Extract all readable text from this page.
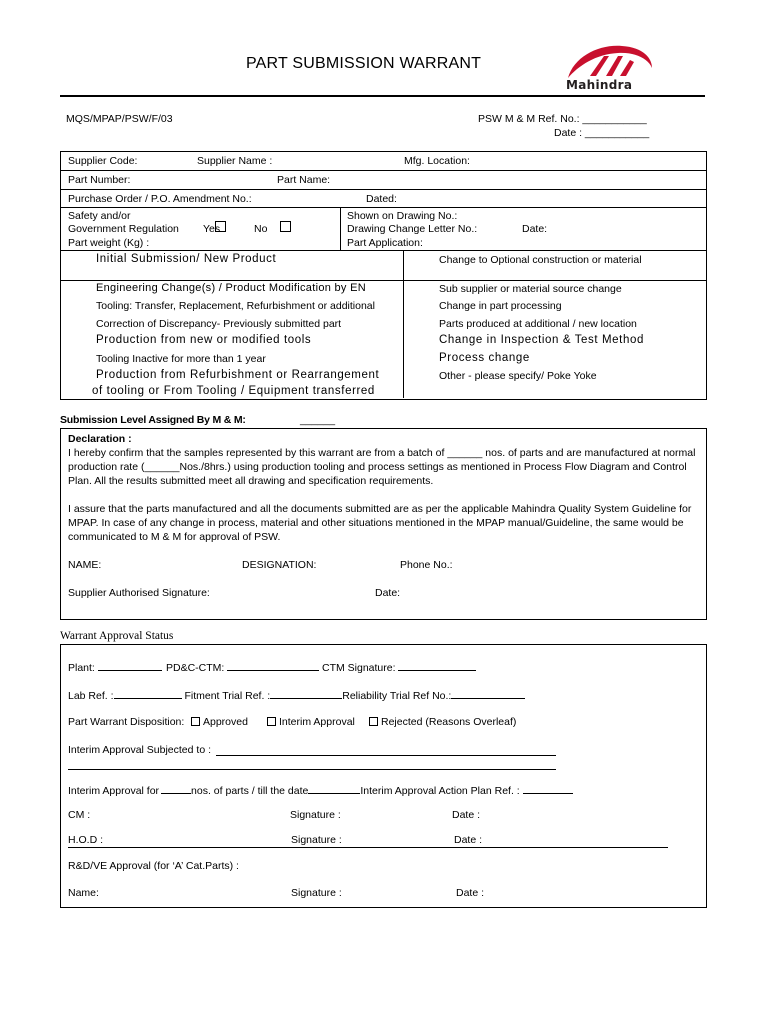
PART SUBMISSION WARRANT
Mahindra
MQS/MPAP/PSW/F/03	PSW M & M Ref. No.: ___________
Date : ___________
Supplier Code:	Supplier Name :	Mfg. Location:
Part Number:	Part Name:
Purchase Order / P.O. Amendment No.:	Dated:
Safety and/or
Government Regulation Yes	No
Part weight (Kg) :
Shown on Drawing No.:
Drawing Change Letter No.:	Date:
Part Application:
Initial Submission/ New Product
Engineering Change(s) / Product Modification by EN
Tooling: Transfer, Replacement, Refurbishment or additional
Correction of Discrepancy- Previously submitted part
Production from new or modified tools
Tooling Inactive for more than 1 year
Production from Refurbishment or Rearrangement
of tooling or From Tooling / Equipment transferred
Change to Optional construction or material
Sub supplier or material source change
Change in part processing
Parts produced at additional / new location
Change in Inspection & Test Method
Process change
Other - please specify/ Poke Yoke
Submission Level Assigned By M & M:	______
Declaration :

I hereby confirm that the samples represented by this warrant are from a batch of ______ nos. of parts and are manufactured at normal

production rate (______Nos./8hrs.) using production tooling and process settings as mentioned in Process Flow Diagram and Control

Plan. All the results submitted meet all drawing and specification requirements.

I assure that the parts manufactured and all the documents submitted are as per the applicable Mahindra Quality System Guideline for

MPAP. In case of any change in process, material and other situations mentioned in the MPAP manual/Guideline, the same would be

communicated to M & M for approval of PSW.

NAME:	DESIGNATION:	Phone No.:
Supplier Authorised Signature:	Date:
Warrant Approval Status
Plant:	PD&C-CTM:	CTM Signature:
Lab Ref. :	Fitment Trial Ref. :	Reliability Trial Ref No.:
Part Warrant Disposition: Approved	Interim Approval Rejected (Reasons Overleaf)
Interim Approval Subjected to :
Interim Approval for	nos. of parts / till the date	Interim Approval Action Plan Ref. :
CM :	Signature :	Date :
H.O.D :	Signature :	Date :
R&D/VE Approval (for ‘A’ Cat.Parts) :
Name:	Signature :	Date :
